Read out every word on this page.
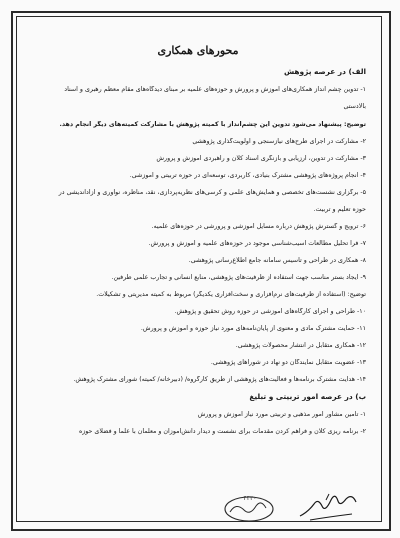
محورهای همکاری
الف) در عرصه پژوهش
۱- تدوین چشم انداز همکاری‌های آموزش و پرورش و حوزه‌های علمیه بر مبنای دیدگاه‌های مقام معظم رهبری و اسناد
بالادستی
توضیح: پیشنهاد می‌شود تدوین این چشم‌انداز با کمیته پژوهش با مشارکت کمیته‌های دیگر انجام دهد.
۲- مشارکت در اجرای طرح‌های نیازسنجی و اولویت‌گذاری پژوهشی
۳- مشارکت در تدوین، ارزیابی و بازنگری اسناد کلان و راهبردی آموزش و پرورش
۴- انجام پروژه‌های پژوهشی مشترک بنیادی، کاربردی، توسعه‌ای در حوزه تربیتی و آموزشی.
۵- برگزاری نشست‌های تخصصی و همایش‌های علمی و کرسی‌های نظریه‌پردازی، نقد، مناظره، نوآوری و آزاداندیشی در
حوزه تعلیم و تربیت.
۶- ترویج و گسترش پژوهش درباره مسایل آموزشی و پرورشی در حوزه‌های علمیه.
۷- فرا تحلیل مطالعات آسیب‌شناسی موجود در حوزه‌های علمیه و آموزش و پرورش.
۸- همکاری در طراحی و تأسیس سامانه جامع اطلاع‌رسانی پژوهشی.
۹- ایجاد بستر مناسب جهت استفاده از ظرفیت‌های پژوهشی، منابع انسانی و تجارب علمی طرفین.
توضیح: (استفاده از ظرفیت‌های نرم‌افزاری و سخت‌افزاری یکدیگر) مربوط به کمیته مدیریتی و تشکیلات.
۱۰- طراحی و اجرای کارگاه‌های آموزشی در حوزه روش تحقیق و پژوهش.
۱۱- حمایت مشترک مادی و معنوی از پایان‌نامه‌های مورد نیاز حوزه و آموزش و پرورش.
۱۲- همکاری متقابل در انتشار محصولات پژوهشی.
۱۳- عضویت متقابل نمایندگان دو نهاد در شوراهای پژوهشی.
۱۴- هدایت مشترک برنامه‌ها و فعالیت‌های پژوهشی از طریق کارگروه/ (دبیرخانه/ کمیته) شورای مشترک پژوهش.
ب) در عرصه امور تربیتی و تبلیغ
۱- تامین مشاور امور مذهبی و تربیتی مورد نیاز آموزش و پرورش
۲- برنامه ریزی کلان و فراهم کردن مقدمات برای نشست و دیدار دانش‌آموزان و معلمان با علما و فضلای حوزه
۴۴۳۰
